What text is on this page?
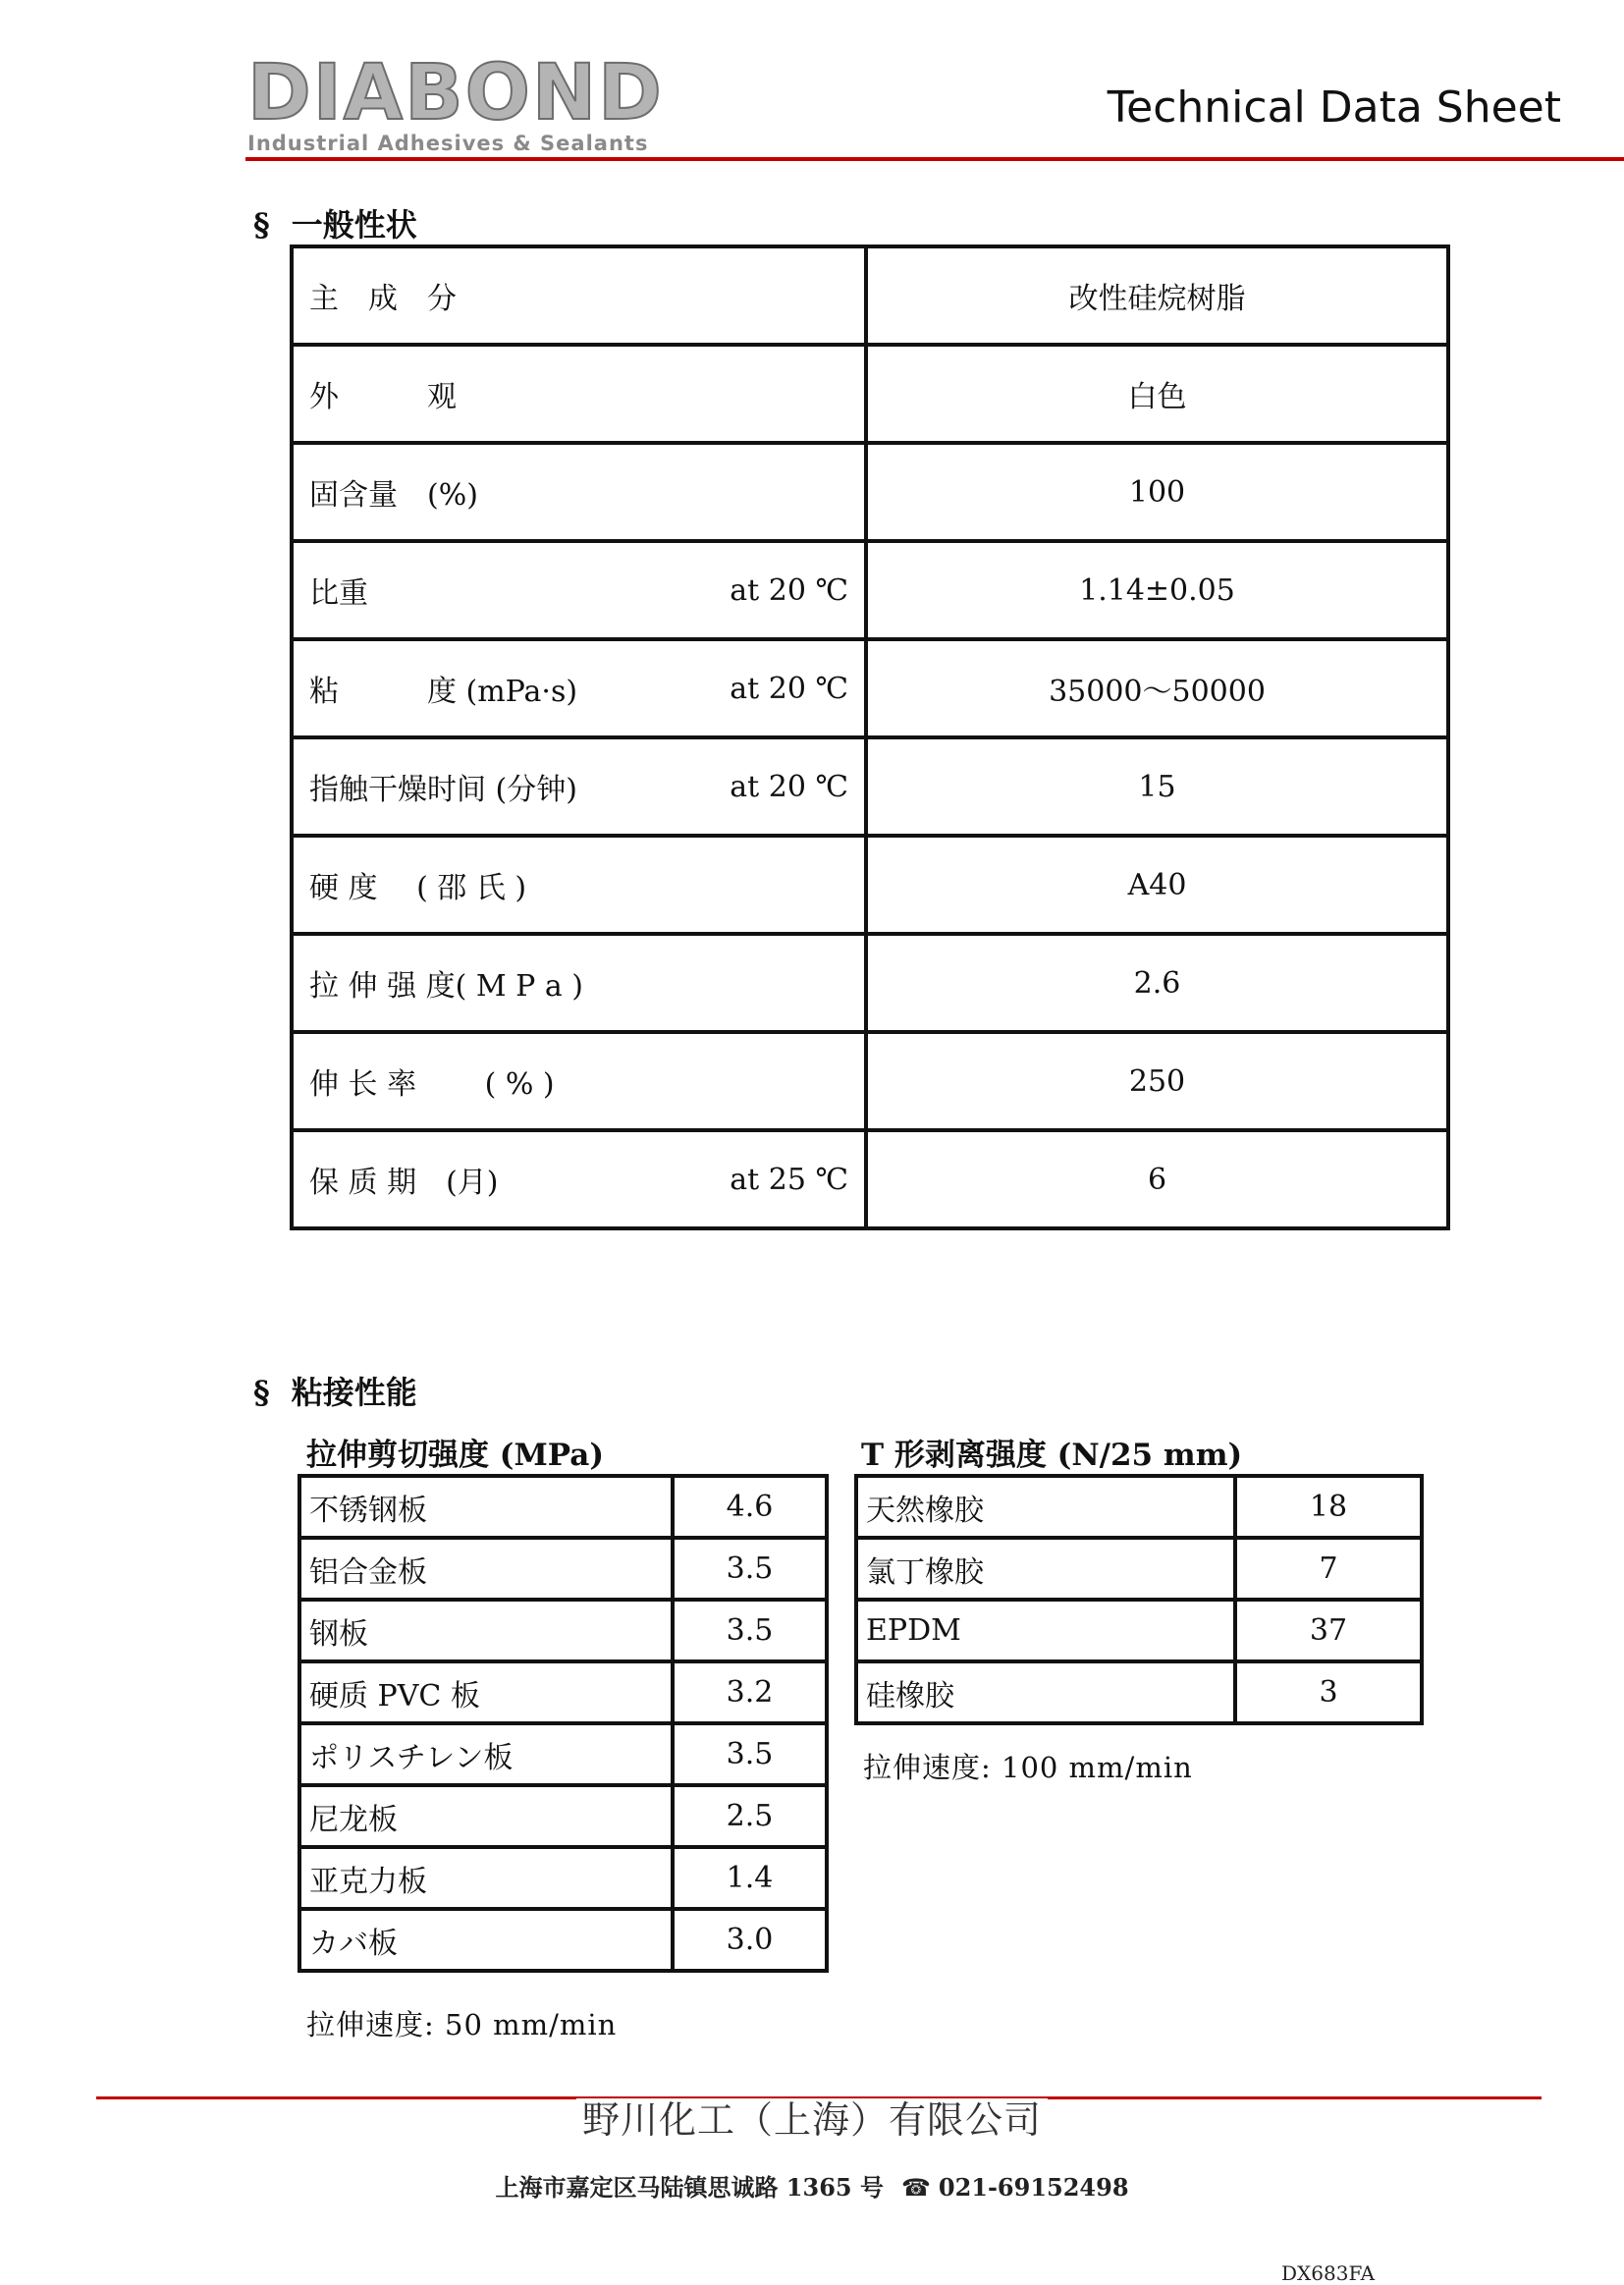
DIABOND
Industrial Adhesives & Sealants
Technical Data Sheet
§ 一般性状
主　成　分	改性硅烷树脂

外　　　观	白色

固含量　(%)	100

比重 at 20 ℃	1.14±0.05

粘　　　度 (mPa·s) at 20 ℃	35000～50000

指触干燥时间 (分钟) at 20 ℃	15

硬 度　 ( 邵 氏 )	A40

拉 伸 强 度( M P a )	2.6

伸 长 率　　 ( % )	250

保 质 期　(月) at 25 ℃	6
§ 粘接性能
拉伸剪切强度 (MPa)
不锈钢板	4.6
铝合金板	3.5
钢板	3.5
硬质 PVC 板	3.2
ポリスチレン板	3.5
尼龙板	2.5
亚克力板	1.4
カバ板	3.0
拉伸速度: 50 mm/min
T 形剥离强度 (N/25 mm)
天然橡胶	18
氯丁橡胶	7
EPDM	37
硅橡胶	3
拉伸速度: 100 mm/min
野川化工（上海）有限公司
上海市嘉定区马陆镇思诚路 1365 号 ☎ 021-69152498
DX683FA
